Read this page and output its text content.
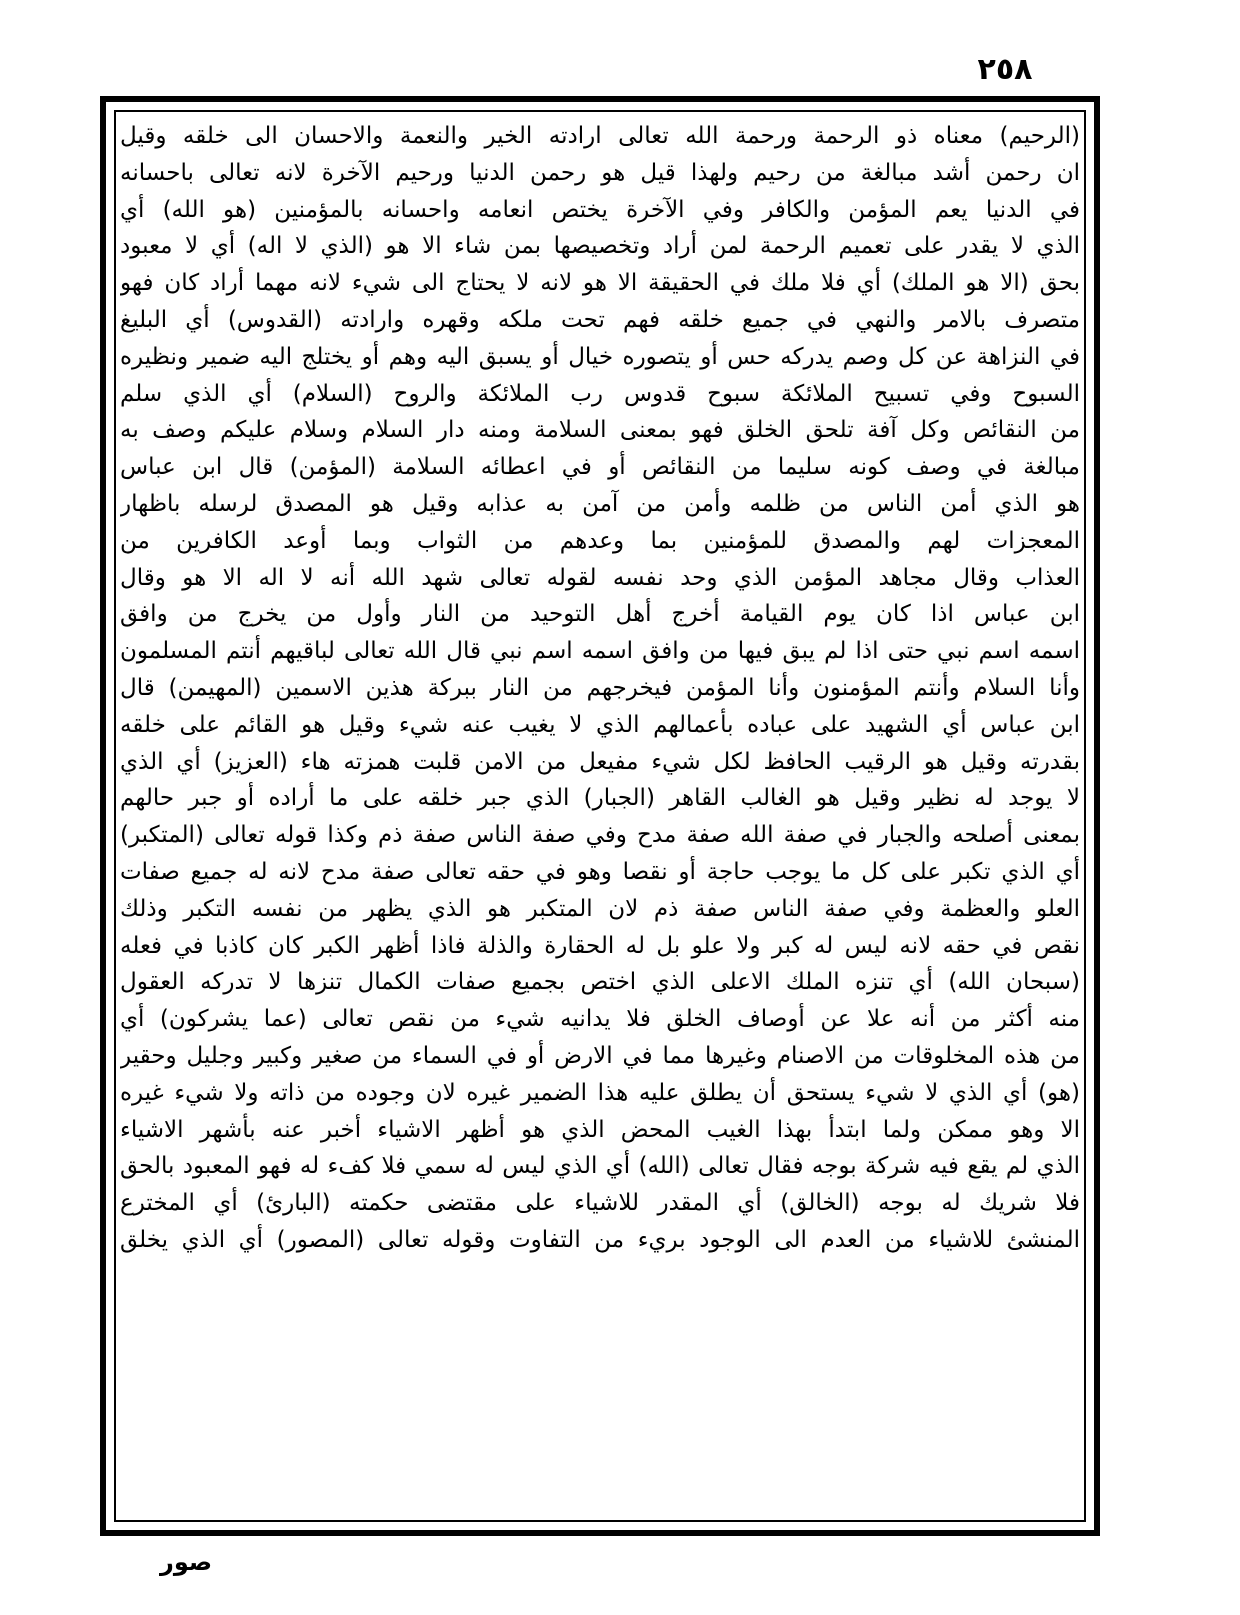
٢٥٨
(الرحيم) معناه ذو الرحمة ورحمة الله تعالى ارادته الخير والنعمة والاحسان الى خلقه وقيل
ان رحمن أشد مبالغة من رحيم ولهذا قيل هو رحمن الدنيا ورحيم الآخرة لانه تعالى باحسانه
في الدنيا يعم المؤمن والكافر وفي الآخرة يختص انعامه واحسانه بالمؤمنين (هو الله) أي
الذي لا يقدر على تعميم الرحمة لمن أراد وتخصيصها بمن شاء الا هو (الذي لا اله) أي لا معبود
بحق (الا هو الملك) أي فلا ملك في الحقيقة الا هو لانه لا يحتاج الى شيء لانه مهما أراد كان فهو
متصرف بالامر والنهي في جميع خلقه فهم تحت ملكه وقهره وارادته (القدوس) أي البليغ
في النزاهة عن كل وصم يدركه حس أو يتصوره خيال أو يسبق اليه وهم أو يختلج اليه ضمير ونظيره
السبوح وفي تسبيح الملائكة سبوح قدوس رب الملائكة والروح (السلام) أي الذي سلم
من النقائص وكل آفة تلحق الخلق فهو بمعنى السلامة ومنه دار السلام وسلام عليكم وصف به
مبالغة في وصف كونه سليما من النقائص أو في اعطائه السلامة (المؤمن) قال ابن عباس
هو الذي أمن الناس من ظلمه وأمن من آمن به عذابه وقيل هو المصدق لرسله باظهار
المعجزات لهم والمصدق للمؤمنين بما وعدهم من الثواب وبما أوعد الكافرين من
العذاب وقال مجاهد المؤمن الذي وحد نفسه لقوله تعالى شهد الله أنه لا اله الا هو وقال
ابن عباس اذا كان يوم القيامة أخرج أهل التوحيد من النار وأول من يخرج من وافق
اسمه اسم نبي حتى اذا لم يبق فيها من وافق اسمه اسم نبي قال الله تعالى لباقيهم أنتم المسلمون
وأنا السلام وأنتم المؤمنون وأنا المؤمن فيخرجهم من النار ببركة هذين الاسمين (المهيمن) قال
ابن عباس أي الشهيد على عباده بأعمالهم الذي لا يغيب عنه شيء وقيل هو القائم على خلقه
بقدرته وقيل هو الرقيب الحافظ لكل شيء مفيعل من الامن قلبت همزته هاء (العزيز) أي الذي
لا يوجد له نظير وقيل هو الغالب القاهر (الجبار) الذي جبر خلقه على ما أراده أو جبر حالهم
بمعنى أصلحه والجبار في صفة الله صفة مدح وفي صفة الناس صفة ذم وكذا قوله تعالى (المتكبر)
أي الذي تكبر على كل ما يوجب حاجة أو نقصا وهو في حقه تعالى صفة مدح لانه له جميع صفات
العلو والعظمة وفي صفة الناس صفة ذم لان المتكبر هو الذي يظهر من نفسه التكبر وذلك
نقص في حقه لانه ليس له كبر ولا علو بل له الحقارة والذلة فاذا أظهر الكبر كان كاذبا في فعله
(سبحان الله) أي تنزه الملك الاعلى الذي اختص بجميع صفات الكمال تنزها لا تدركه العقول
منه أكثر من أنه علا عن أوصاف الخلق فلا يدانيه شيء من نقص تعالى (عما يشركون) أي
من هذه المخلوقات من الاصنام وغيرها مما في الارض أو في السماء من صغير وكبير وجليل وحقير
(هو) أي الذي لا شيء يستحق أن يطلق عليه هذا الضمير غيره لان وجوده من ذاته ولا شيء غيره
الا وهو ممكن ولما ابتدأ بهذا الغيب المحض الذي هو أظهر الاشياء أخبر عنه بأشهر الاشياء
الذي لم يقع فيه شركة بوجه فقال تعالى (الله) أي الذي ليس له سمي فلا كفء له فهو المعبود بالحق
فلا شريك له بوجه (الخالق) أي المقدر للاشياء على مقتضى حكمته (البارئ) أي المخترع
المنشئ للاشياء من العدم الى الوجود بريء من التفاوت وقوله تعالى (المصور) أي الذي يخلق
صور
